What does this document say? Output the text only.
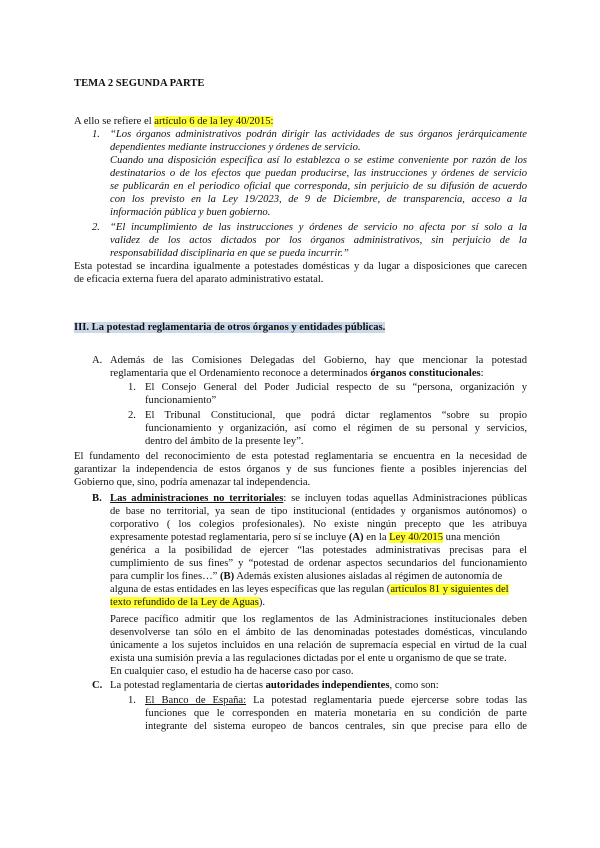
TEMA 2 SEGUNDA PARTE
A ello se refiere el artículo 6 de la ley 40/2015:
1. “Los órganos administrativos podrán dirigir las actividades de sus órganos jerárquicamente
dependientes mediante instrucciones y órdenes de servicio.
Cuando una disposición específica así lo establezca o se estime conveniente por razón de los
destinatarios o de los efectos que puedan producirse, las instrucciones y órdenes de servicio
se publicarán en el periodico oficial que corresponda, sin perjuicio de su difusión de acuerdo
con los previsto en la Ley 19/2023, de 9 de Diciembre, de transparencia, acceso a la
información pública y buen gobierno.
2. “El incumplimiento de las instrucciones y órdenes de servicio no afecta por sí solo a la
validez de los actos dictados por los órganos administrativos, sin perjuicio de la
responsabilidad disciplinaria en que se pueda incurrir.”
Esta potestad se incardina igualmente a potestades domésticas y da lugar a disposiciones que carecen
de eficacia externa fuera del aparato administrativo estatal.
III. La potestad reglamentaria de otros órganos y entidades públicas.
A. Además de las Comisiones Delegadas del Gobierno, hay que mencionar la potestad
reglamentaria que el Ordenamiento reconoce a determinados órganos constitucionales:
1. El Consejo General del Poder Judicial respecto de su “persona, organización y
funcionamiento”
2. El Tribunal Constitucional, que podrá dictar reglamentos “sobre su propio
funcionamiento y organización, así como el régimen de su personal y servicios,
dentro del ámbito de la presente ley”.
El fundamento del reconocimiento de esta potestad reglamentaria se encuentra en la necesidad de
garantizar la independencia de estos órganos y de sus funciones fiente a posibles injerencias del
Gobierno que, sino, podría amenazar tal independencia.
B. Las administraciones no territoriales: se incluyen todas aquellas Administraciones públicas
de base no territorial, ya sean de tipo institucional (entidades y organismos autónomos) o
corporativo ( los colegios profesionales). No existe ningún precepto que les atribuya
expresamente potestad reglamentaria, pero sí se incluye (A) en la Ley 40/2015 una mención
genérica a la posibilidad de ejercer “las potestades administrativas precisas para el
cumplimiento de sus fines” y “potestad de ordenar aspectos secundarios del funcionamiento
para cumplir los fines…” (B) Además existen alusiones aisladas al régimen de autonomía de
alguna de estas entidades en las leyes específicas que las regulan (artículos 81 y siguientes del
texto refundido de la Ley de Aguas).
Parece pacífico admitir que los reglamentos de las Administraciones institucionales deben
desenvolverse tan sólo en el ámbito de las denominadas potestades domésticas, vinculando
únicamente a los sujetos incluidos en una relación de supremacía especial en virtud de la cual
exista una sumisión previa a las regulaciones dictadas por el ente u organismo de que se trate.
En cualquier caso, el estudio ha de hacerse caso por caso.
C. La potestad reglamentaria de ciertas autoridades independientes, como son:
1. El Banco de España: La potestad reglamentaria puede ejercerse sobre todas las
funciones que le corresponden en materia monetaria en su condición de parte
integrante del sistema europeo de bancos centrales, sin que precise para ello de
